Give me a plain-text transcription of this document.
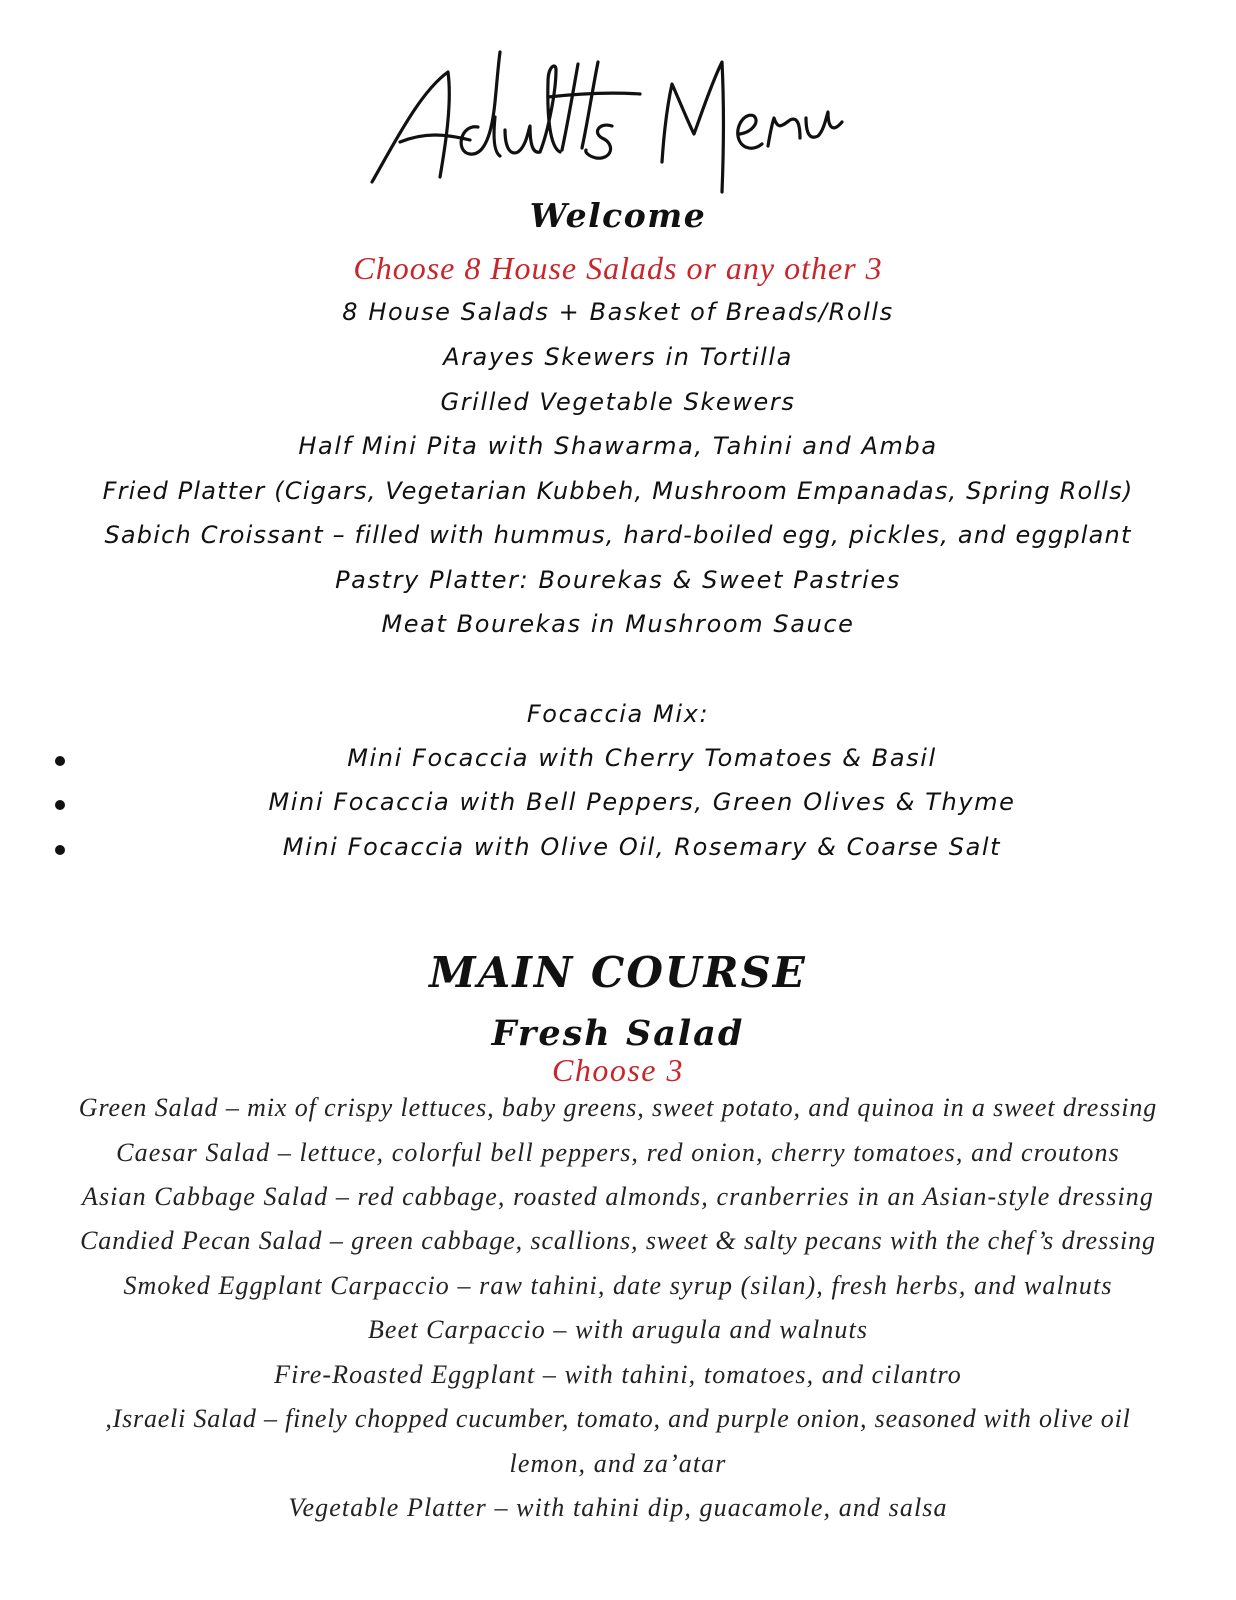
Welcome
Choose 8 House Salads or any other 3
8 House Salads + Basket of Breads/Rolls
Arayes Skewers in Tortilla
Grilled Vegetable Skewers
Half Mini Pita with Shawarma, Tahini and Amba
Fried Platter (Cigars, Vegetarian Kubbeh, Mushroom Empanadas, Spring Rolls)
Sabich Croissant – filled with hummus, hard-boiled egg, pickles, and eggplant
Pastry Platter: Bourekas & Sweet Pastries
Meat Bourekas in Mushroom Sauce
Focaccia Mix:
Mini Focaccia with Cherry Tomatoes & Basil
Mini Focaccia with Bell Peppers, Green Olives & Thyme
Mini Focaccia with Olive Oil, Rosemary & Coarse Salt
MAIN COURSE
Fresh Salad
Choose 3
Green Salad – mix of crispy lettuces, baby greens, sweet potato, and quinoa in a sweet dressing
Caesar Salad – lettuce, colorful bell peppers, red onion, cherry tomatoes, and croutons
Asian Cabbage Salad – red cabbage, roasted almonds, cranberries in an Asian-style dressing
Candied Pecan Salad – green cabbage, scallions, sweet & salty pecans with the chef’s dressing
Smoked Eggplant Carpaccio – raw tahini, date syrup (silan), fresh herbs, and walnuts
Beet Carpaccio – with arugula and walnuts
Fire-Roasted Eggplant – with tahini, tomatoes, and cilantro
,Israeli Salad – finely chopped cucumber, tomato, and purple onion, seasoned with olive oil
lemon, and za’atar
Vegetable Platter – with tahini dip, guacamole, and salsa
